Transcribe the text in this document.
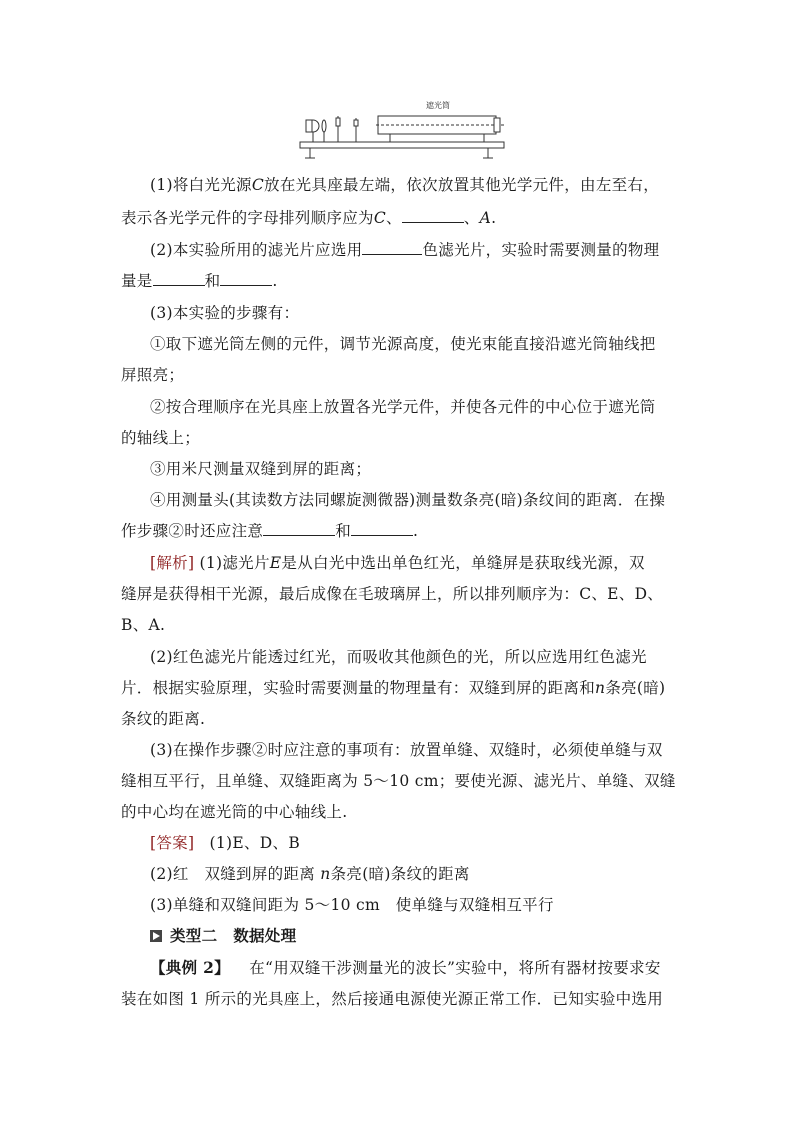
遮光筒
(1)将白光光源C放在光具座最左端，依次放置其他光学元件，由左至右，
表示各光学元件的字母排列顺序应为C、	、A.
(2)本实验所用的滤光片应选用	色滤光片，实验时需要测量的物理
量是	和	.
(3)本实验的步骤有：
①取下遮光筒左侧的元件，调节光源高度，使光束能直接沿遮光筒轴线把
屏照亮；
②按合理顺序在光具座上放置各光学元件，并使各元件的中心位于遮光筒
的轴线上；
③用米尺测量双缝到屏的距离；
④用测量头(其读数方法同螺旋测微器)测量数条亮(暗)条纹间的距离．在操
作步骤②时还应注意	和	.
[解析] (1)滤光片E是从白光中选出单色红光，单缝屏是获取线光源，双
缝屏是获得相干光源，最后成像在毛玻璃屏上，所以排列顺序为：C、E、D、
B、A.
(2)红色滤光片能透过红光，而吸收其他颜色的光，所以应选用红色滤光
片．根据实验原理，实验时需要测量的物理量有：双缝到屏的距离和n条亮(暗)
条纹的距离.
(3)在操作步骤②时应注意的事项有：放置单缝、双缝时，必须使单缝与双
缝相互平行，且单缝、双缝距离为 5～10 cm；要使光源、滤光片、单缝、双缝
的中心均在遮光筒的中心轴线上.
[答案] (1)E、D、B
(2)红　双缝到屏的距离 n条亮(暗)条纹的距离
(3)单缝和双缝间距为 5～10 cm　使单缝与双缝相互平行
类型二　数据处理
【典例 2】 在“用双缝干涉测量光的波长”实验中，将所有器材按要求安
装在如图 1 所示的光具座上，然后接通电源使光源正常工作．已知实验中选用
